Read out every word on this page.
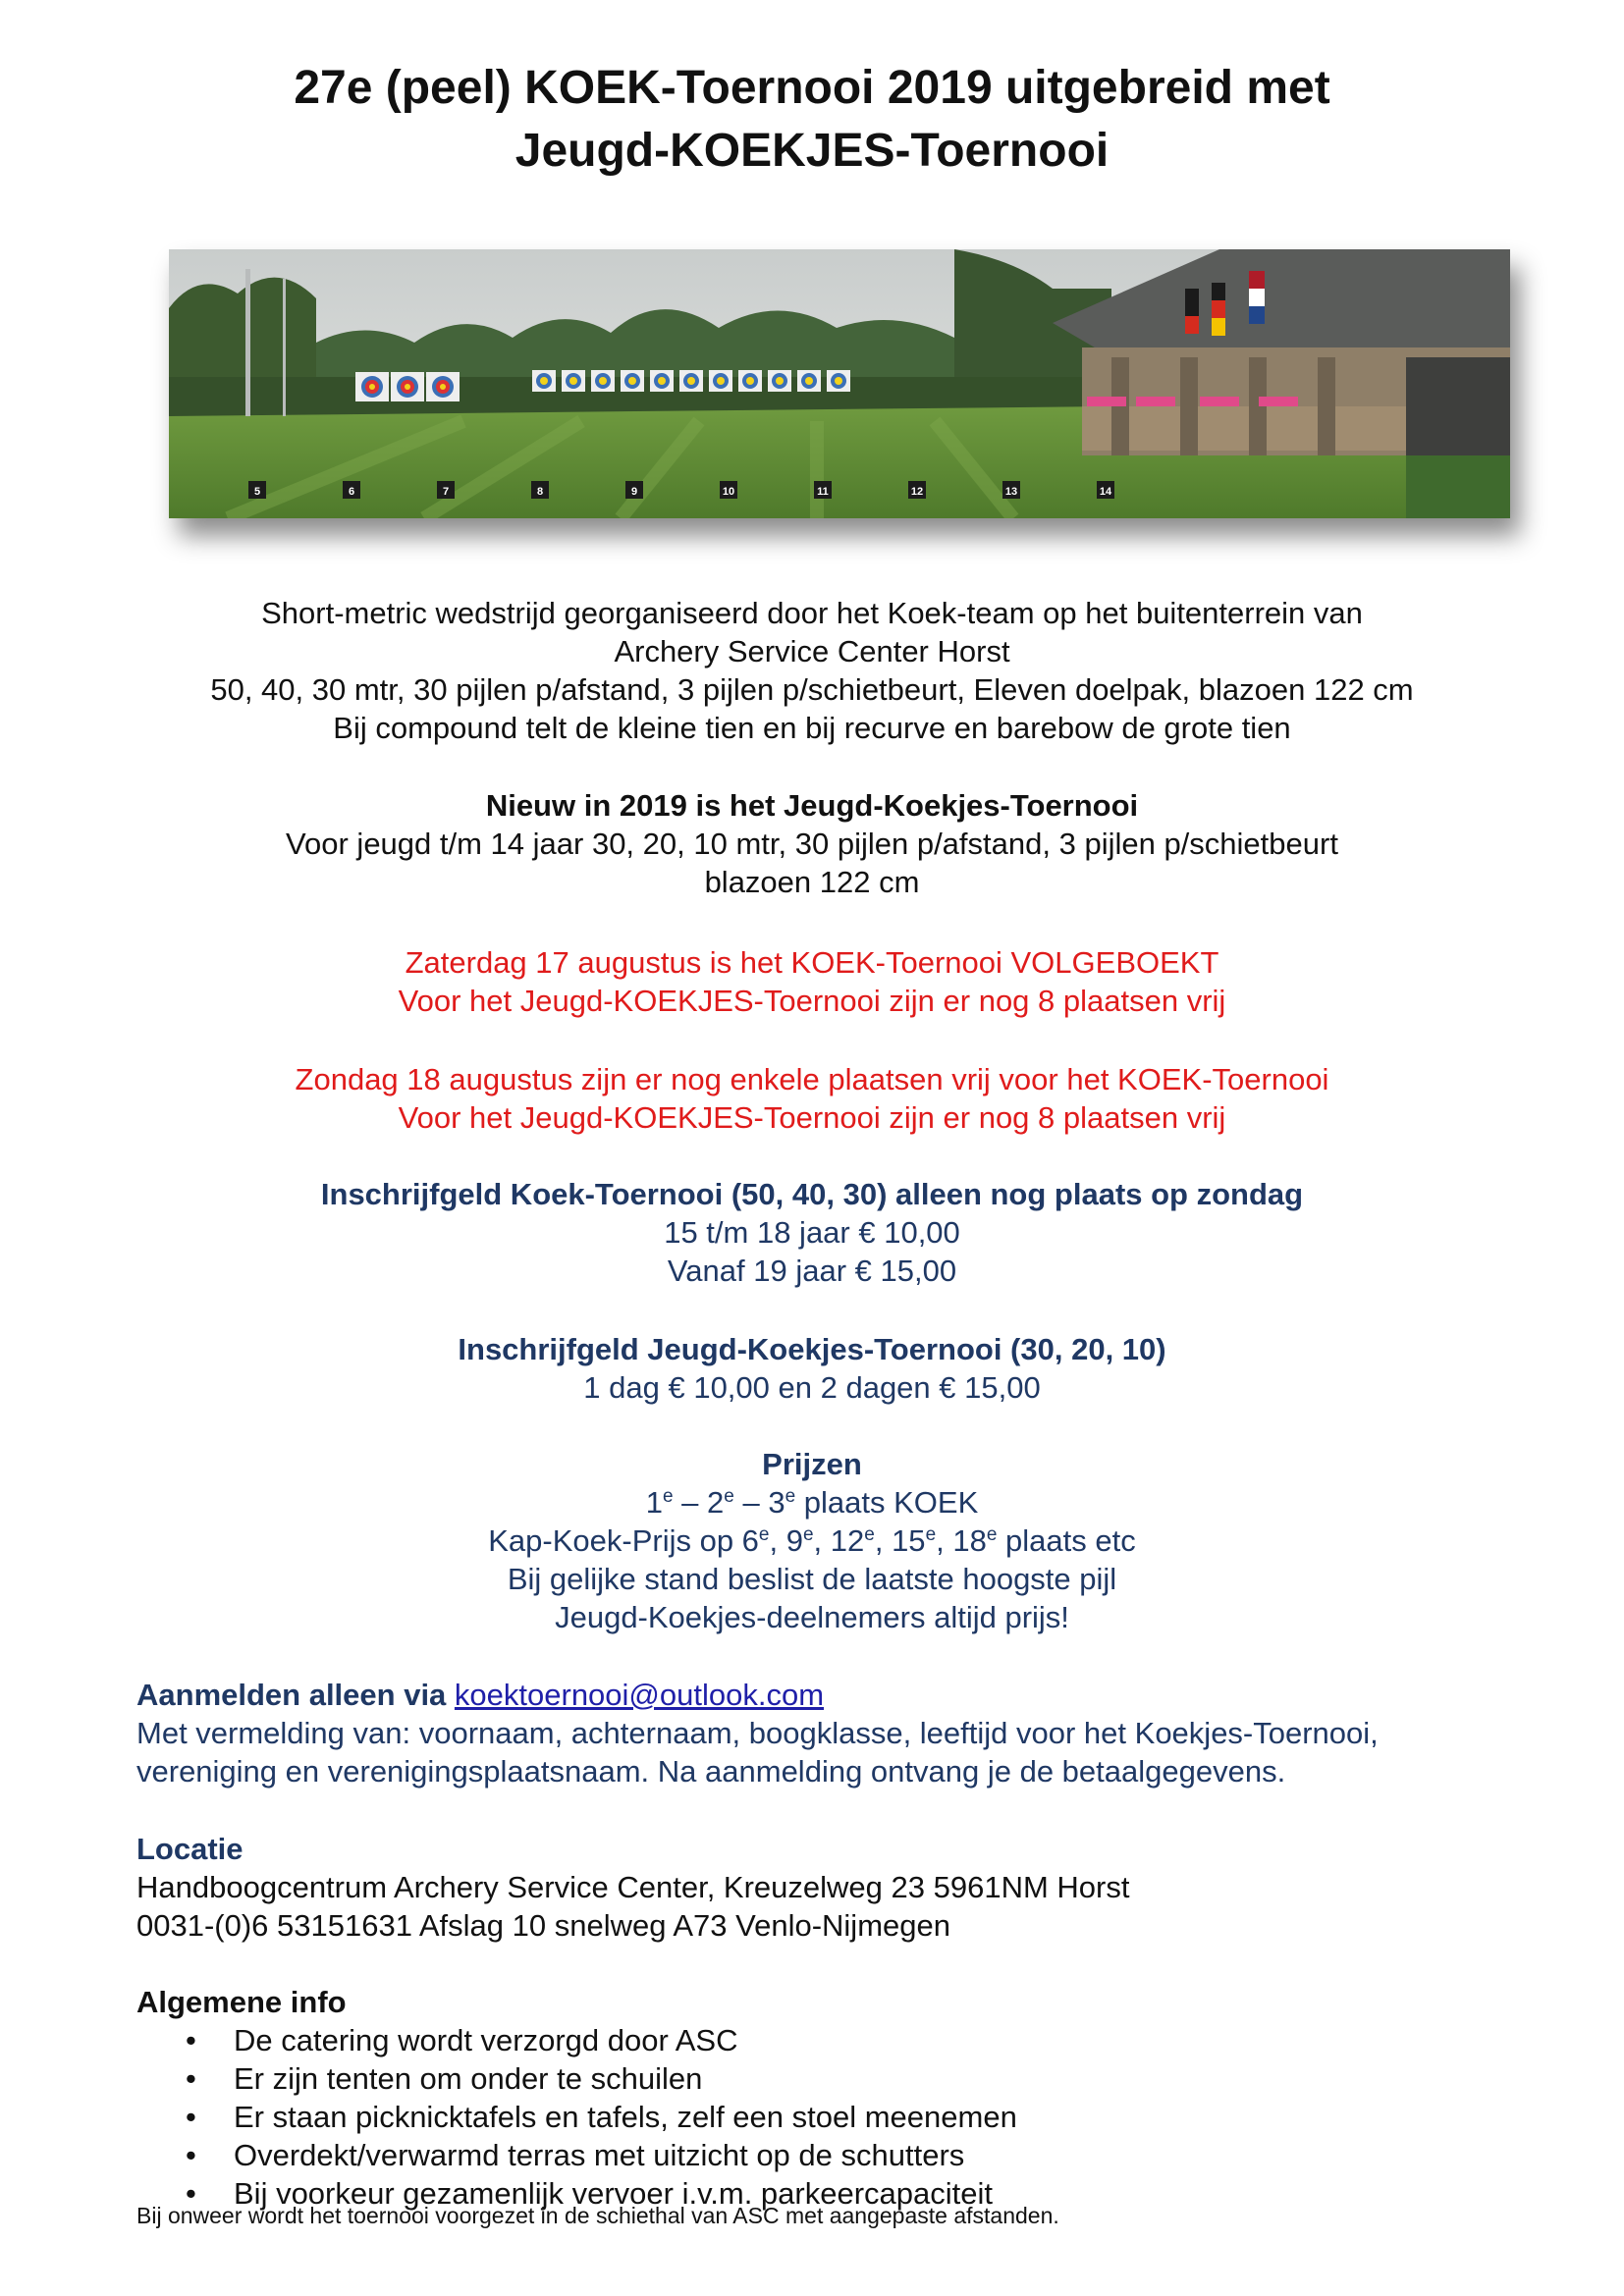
27e (peel) KOEK-Toernooi 2019 uitgebreid met
Jeugd-KOEKJES-Toernooi
5	6	7	8	9	10	11	12	13	14

Short-metric wedstrijd georganiseerd door het Koek-team op het buitenterrein van

Archery Service Center Horst

50, 40, 30 mtr, 30 pijlen p/afstand, 3 pijlen p/schietbeurt, Eleven doelpak, blazoen 122 cm

Bij compound telt de kleine tien en bij recurve en barebow de grote tien

Nieuw in 2019 is het Jeugd-Koekjes-Toernooi

Voor jeugd t/m 14 jaar 30, 20, 10 mtr, 30 pijlen p/afstand, 3 pijlen p/schietbeurt

blazoen 122 cm

Zaterdag 17 augustus is het KOEK-Toernooi VOLGEBOEKT

Voor het Jeugd-KOEKJES-Toernooi zijn er nog 8 plaatsen vrij

Zondag 18 augustus zijn er nog enkele plaatsen vrij voor het KOEK-Toernooi

Voor het Jeugd-KOEKJES-Toernooi zijn er nog 8 plaatsen vrij

Inschrijfgeld Koek-Toernooi (50, 40, 30) alleen nog plaats op zondag

15 t/m 18 jaar € 10,00

Vanaf 19 jaar € 15,00

Inschrijfgeld Jeugd-Koekjes-Toernooi (30, 20, 10)

1 dag € 10,00 en 2 dagen € 15,00

Prijzen

1e – 2e – 3e plaats KOEK

Kap-Koek-Prijs op 6e, 9e, 12e, 15e, 18e plaats etc

Bij gelijke stand beslist de laatste hoogste pijl

Jeugd-Koekjes-deelnemers altijd prijs!

Aanmelden alleen via koektoernooi@outlook.com

Met vermelding van: voornaam, achternaam, boogklasse, leeftijd voor het Koekjes-Toernooi,

vereniging en verenigingsplaatsnaam. Na aanmelding ontvang je de betaalgegevens.

Locatie

Handboogcentrum Archery Service Center, Kreuzelweg 23 5961NM Horst

0031-(0)6 53151631 Afslag 10 snelweg A73 Venlo-Nijmegen

Algemene info

• De catering wordt verzorgd door ASC
• Er zijn tenten om onder te schuilen
• Er staan picknicktafels en tafels, zelf een stoel meenemen
• Overdekt/verwarmd terras met uitzicht op de schutters
• Bij voorkeur gezamenlijk vervoer i.v.m. parkeercapaciteit
Bij onweer wordt het toernooi voorgezet in de schiethal van ASC met aangepaste afstanden.
